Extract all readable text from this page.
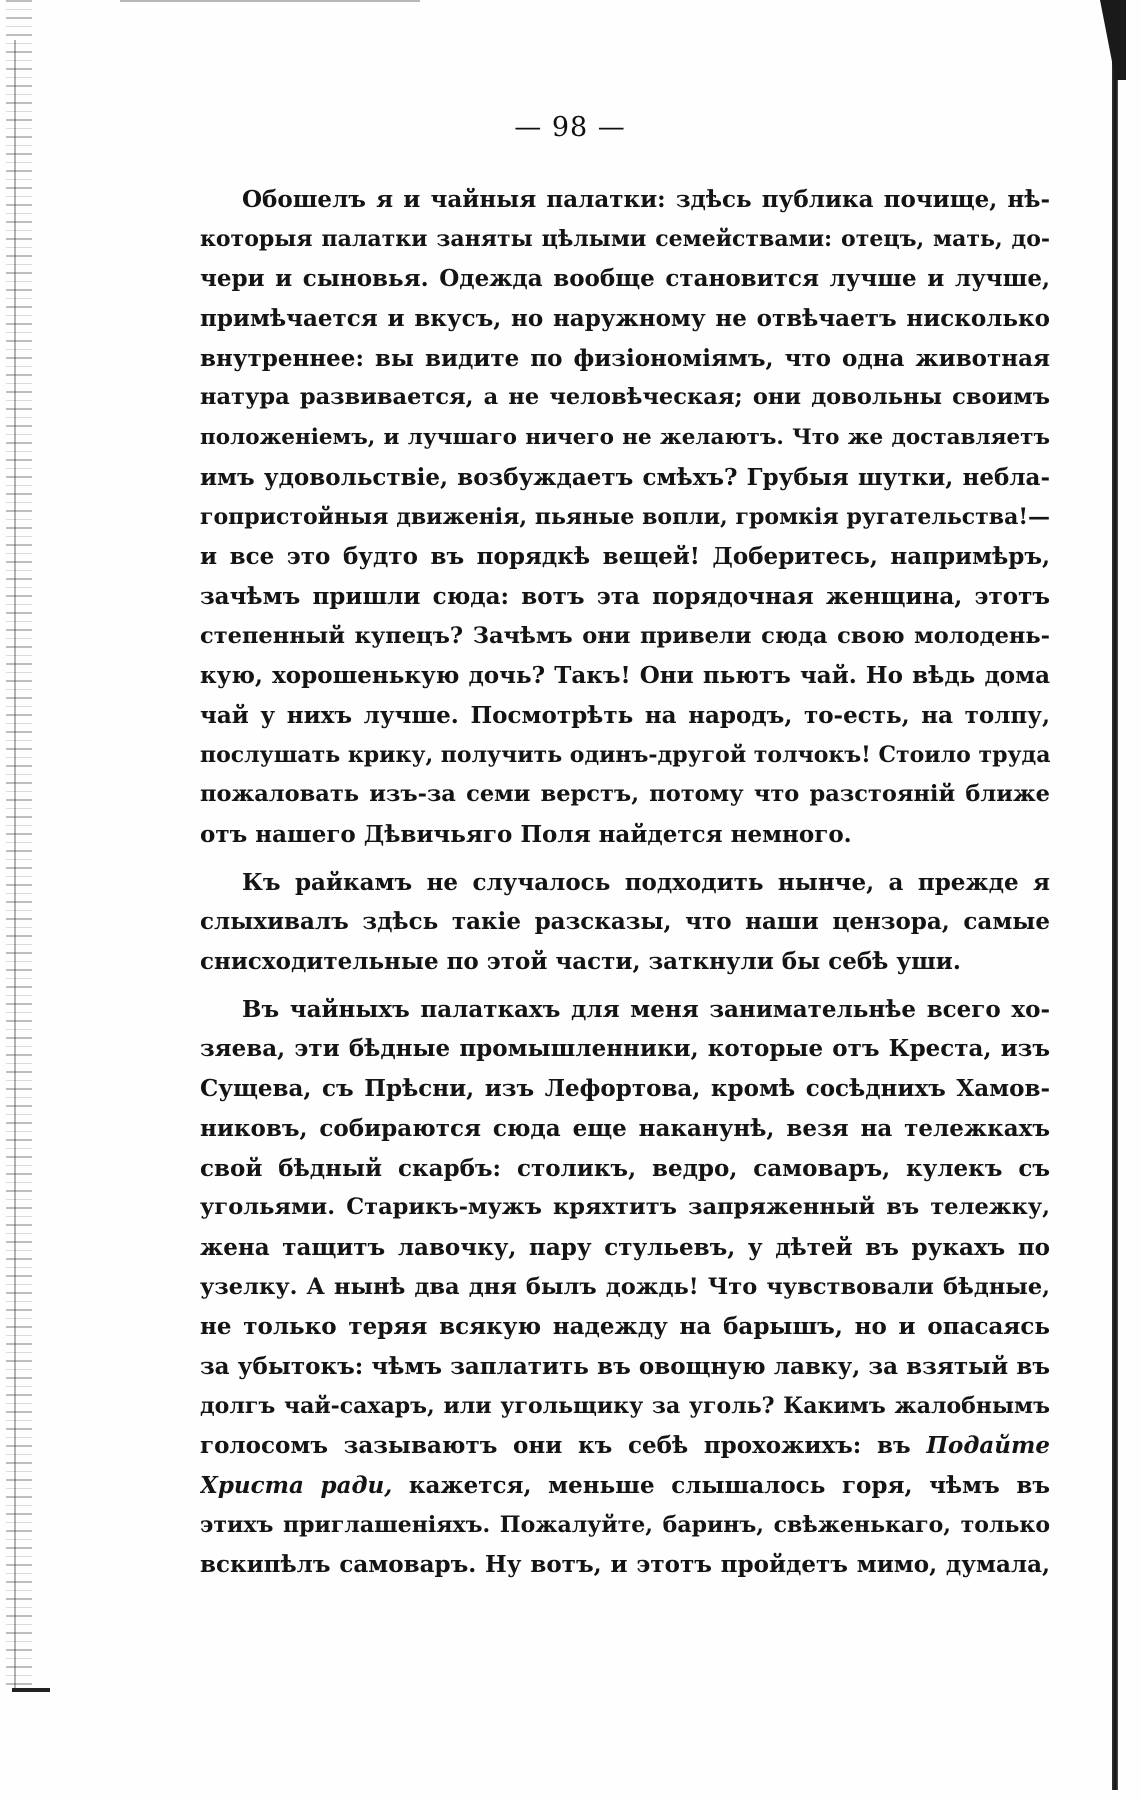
— 98 —
Обошелъ я и чайныя палатки: здѣсь публика почище, нѣ-
которыя палатки заняты цѣлыми семействами: отецъ, мать, до-
чери и сыновья. Одежда вообще становится лучше и лучше,
примѣчается и вкусъ, но наружному не отвѣчаетъ нисколько
внутреннее: вы видите по физіономіямъ, что одна животная
натура развивается, а не человѣческая; они довольны своимъ
положеніемъ, и лучшаго ничего не желаютъ. Что же доставляетъ
имъ удовольствіе, возбуждаетъ смѣхъ? Грубыя шутки, небла-
гопристойныя движенія, пьяные вопли, громкія ругательства!—
и все это будто въ порядкѣ вещей! Доберитесь, напримѣръ,
зачѣмъ пришли сюда: вотъ эта порядочная женщина, этотъ
степенный купецъ? Зачѣмъ они привели сюда свою молодень-
кую, хорошенькую дочь? Такъ! Они пьютъ чай. Но вѣдь дома
чай у нихъ лучше. Посмотрѣть на народъ, то-есть, на толпу,
послушать крику, получить одинъ-другой толчокъ! Стоило труда
пожаловать изъ-за семи верстъ, потому что разстояній ближе
отъ нашего Дѣвичьяго Поля найдется немного.
Къ райкамъ не случалось подходить нынче, а прежде я
слыхивалъ здѣсь такіе разсказы, что наши цензора, самые
снисходительные по этой части, заткнули бы себѣ уши.
Въ чайныхъ палаткахъ для меня занимательнѣе всего хо-
зяева, эти бѣдные промышленники, которые отъ Креста, изъ
Сущева, съ Прѣсни, изъ Лефортова, кромѣ сосѣднихъ Хамов-
никовъ, собираются сюда еще наканунѣ, везя на тележкахъ
свой бѣдный скарбъ: столикъ, ведро, самоваръ, кулекъ съ
угольями. Старикъ-мужъ кряхтитъ запряженный въ тележку,
жена тащитъ лавочку, пару стульевъ, у дѣтей въ рукахъ по
узелку. А нынѣ два дня былъ дождь! Что чувствовали бѣдные,
не только теряя всякую надежду на барышъ, но и опасаясь
за убытокъ: чѣмъ заплатить въ овощную лавку, за взятый въ
долгъ чай-сахаръ, или угольщику за уголь? Какимъ жалобнымъ
голосомъ зазываютъ они къ себѣ прохожихъ: въ Подайте
Христа ради, кажется, меньше слышалось горя, чѣмъ въ
этихъ приглашеніяхъ. Пожалуйте, баринъ, свѣженькаго, только
вскипѣлъ самоваръ. Ну вотъ, и этотъ пройдетъ мимо, думала,
